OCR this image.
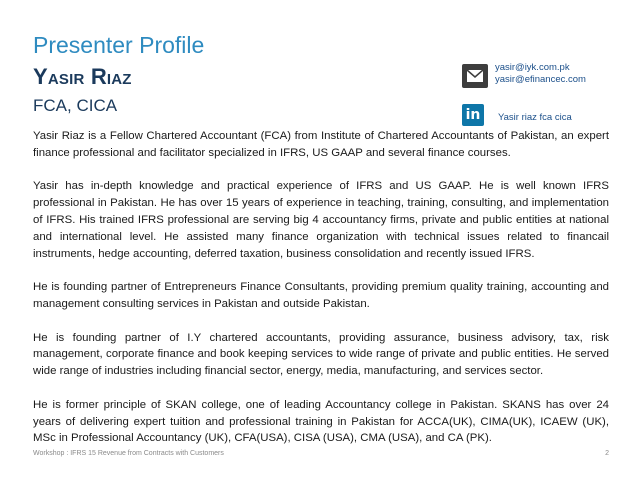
Presenter Profile
Yasir Riaz
FCA, CICA
yasir@iyk.com.pk
yasir@efinancec.com
in	Yasir riaz fca cica

Yasir Riaz is a Fellow Chartered Accountant (FCA) from Institute of Chartered Accountants of Pakistan, an expert finance professional and facilitator specialized in IFRS, US GAAP and several finance courses.

Yasir has in-depth knowledge and practical experience of IFRS and US GAAP. He is well known IFRS professional in Pakistan. He has over 15 years of experience in teaching, training, consulting, and implementation of IFRS. His trained IFRS professional are serving big 4 accountancy firms, private and public entities at national and international level. He assisted many finance organization with technical issues related to financail instruments, hedge accounting, deferred taxation, business consolidation and recently issued IFRS.

He is founding partner of Entrepreneurs Finance Consultants, providing premium quality training, accounting and management consulting services in Pakistan and outside Pakistan.

He is founding partner of I.Y chartered accountants, providing assurance, business advisory, tax, risk management, corporate finance and book keeping services to wide range of private and public entities. He served wide range of industries including financial sector, energy, media, manufacturing, and services sector.

He is former principle of SKAN college, one of leading Accountancy college in Pakistan. SKANS has over 24 years of delivering expert tuition and professional training in Pakistan for ACCA(UK), CIMA(UK), ICAEW (UK), MSc in Professional Accountancy (UK), CFA(USA), CISA (USA), CMA (USA), and CA (PK).

Workshop : IFRS 15 Revenue from Contracts with Customers	2
